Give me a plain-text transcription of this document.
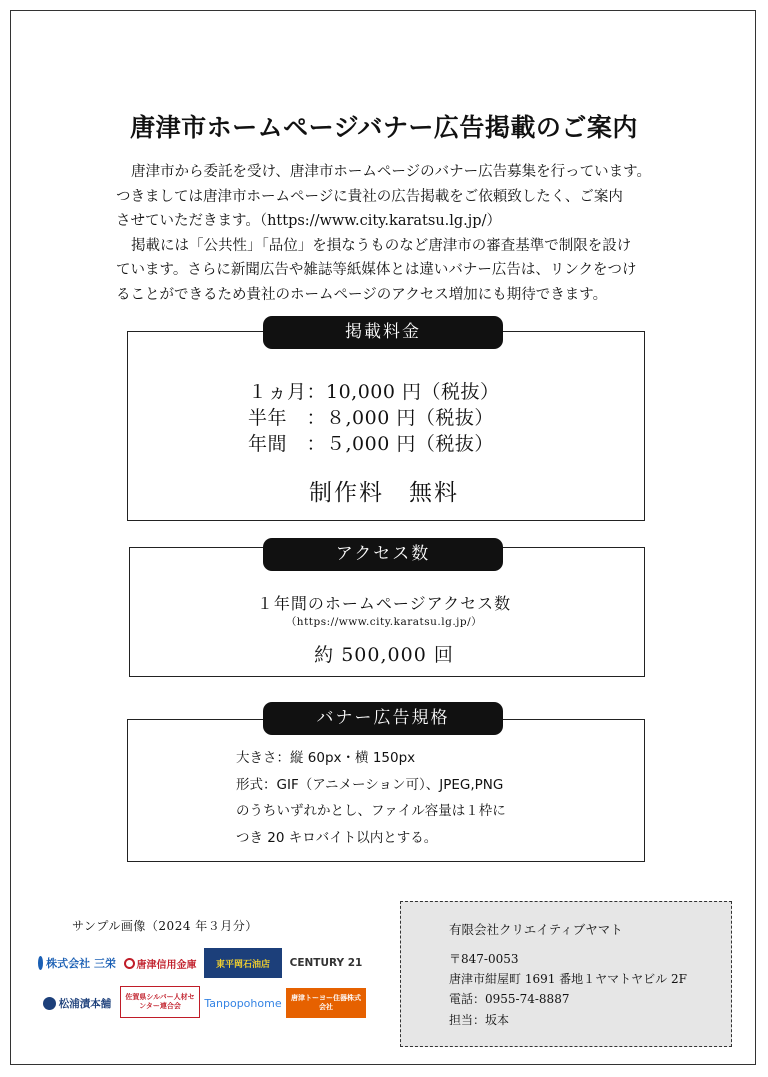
唐津市ホームページバナー広告掲載のご案内

唐津市から委託を受け、唐津市ホームページのバナー広告募集を行っています。

つきましては唐津市ホームページに貴社の広告掲載をご依頼致したく、ご案内

させていただきます。（https://www.city.karatsu.lg.jp/）

掲載には「公共性」「品位」を損なうものなど唐津市の審査基準で制限を設け

ています。さらに新聞広告や雑誌等紙媒体とは違いバナー広告は、リンクをつけ

ることができるため貴社のホームページのアクセス増加にも期待できます。

掲載料金
１ヵ月：10,000 円（税抜）
半年　：８,000 円（税抜）
年間　：５,000 円（税抜）
制作料　無料
アクセス数
１年間のホームページアクセス数
（https://www.city.karatsu.lg.jp/）
約 500,000 回
バナー広告規格

大きさ：縦 60px・横 150px

形式：GIF（アニメーション可）、JPEG,PNG

のうちいずれかとし、ファイル容量は１枠に

つき 20 キロバイト以内とする。

サンプル画像（2024 年３月分）
株式会社 三栄 唐津信用金庫 東平岡石油店 CENTURY 21
松浦漬本舗
佐賀県シルバー人材センター連合会	Tanpopohome	唐津トーヨー住器株式会社
有限会社クリエイティブヤマト
〒847-0053
唐津市紺屋町 1691 番地１ヤマトヤビル 2F
電話：0955-74-8887
担当：坂本
